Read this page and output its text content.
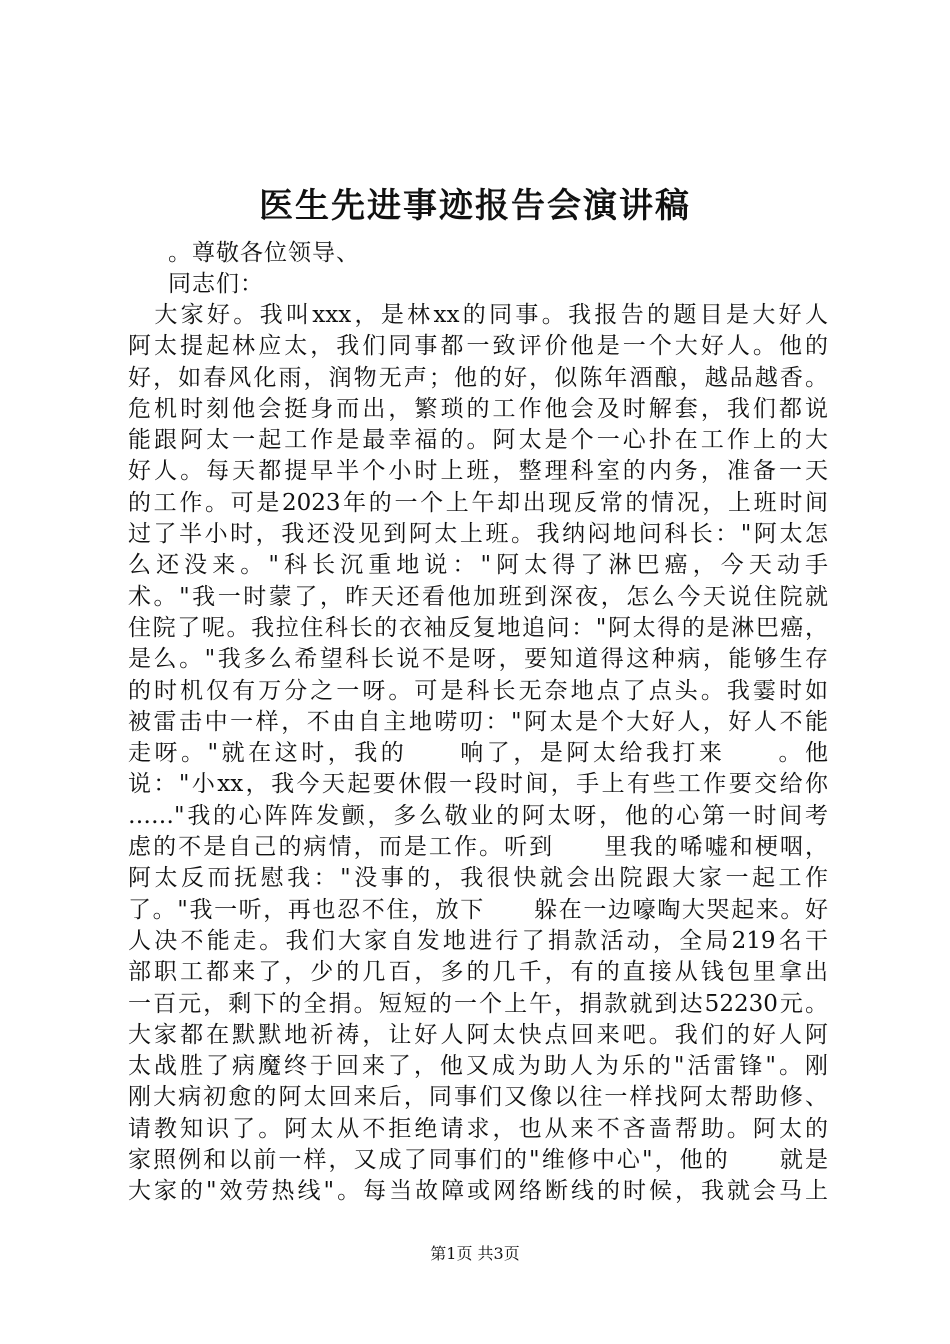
医生先进事迹报告会演讲稿
。尊敬各位领导、
同志们：
　大家好。我叫xxx，是林xx的同事。我报告的题目是大好人
阿太提起林应太，我们同事都一致评价他是一个大好人。他的
好，如春风化雨，润物无声；他的好，似陈年酒酿，越品越香。
危机时刻他会挺身而出，繁琐的工作他会及时解套，我们都说
能跟阿太一起工作是最幸福的。阿太是个一心扑在工作上的大
好人。每天都提早半个小时上班，整理科室的内务，准备一天
的工作。可是2023年的一个上午却出现反常的情况，上班时间
过了半小时，我还没见到阿太上班。我纳闷地问科长："阿太怎
么还没来。"科长沉重地说："阿太得了淋巴癌，今天动手
术。"我一时蒙了，昨天还看他加班到深夜，怎么今天说住院就
住院了呢。我拉住科长的衣袖反复地追问："阿太得的是淋巴癌，
是么。"我多么希望科长说不是呀，要知道得这种病，能够生存
的时机仅有万分之一呀。可是科长无奈地点了点头。我霎时如
被雷击中一样，不由自主地唠叨："阿太是个大好人，好人不能
走呀。"就在这时，我的　　响了，是阿太给我打来　　。他
说："小xx，我今天起要休假一段时间，手上有些工作要交给你
……"我的心阵阵发颤，多么敬业的阿太呀，他的心第一时间考
虑的不是自己的病情，而是工作。听到　　里我的唏嘘和梗咽，
阿太反而抚慰我："没事的，我很快就会出院跟大家一起工作
了。"我一听，再也忍不住，放下　　躲在一边嚎啕大哭起来。好
人决不能走。我们大家自发地进行了捐款活动，全局219名干
部职工都来了，少的几百，多的几千，有的直接从钱包里拿出
一百元，剩下的全捐。短短的一个上午，捐款就到达52230元。
大家都在默默地祈祷，让好人阿太快点回来吧。我们的好人阿
太战胜了病魔终于回来了，他又成为助人为乐的"活雷锋"。刚
刚大病初愈的阿太回来后，同事们又像以往一样找阿太帮助修、
请教知识了。阿太从不拒绝请求，也从来不吝啬帮助。阿太的
家照例和以前一样，又成了同事们的"维修中心"，他的　　就是
大家的"效劳热线"。每当故障或网络断线的时候，我就会马上
第1页 共3页
